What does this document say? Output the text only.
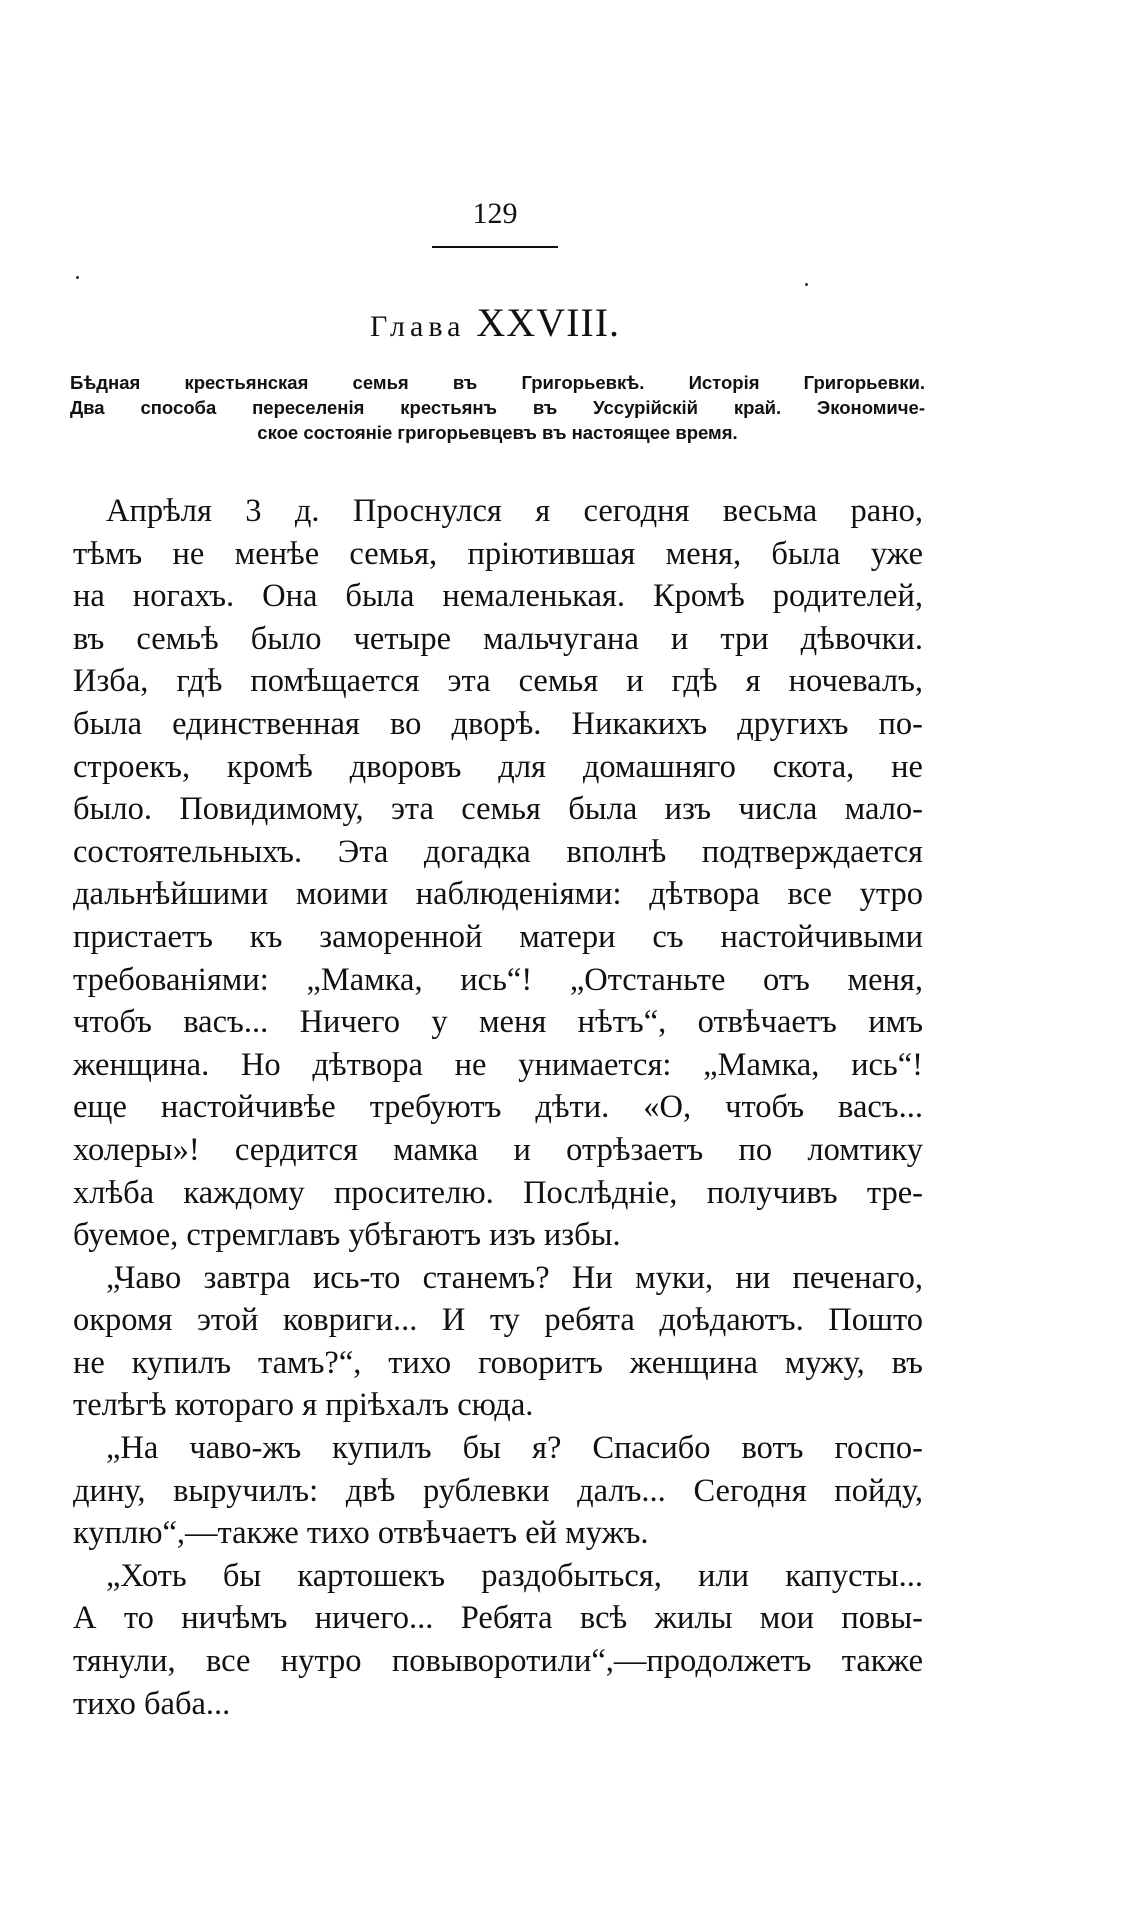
129
Глава XXVIII.
Бѣдная крестьянская семья въ Григорьевкѣ. Исторія Григорьевки.
Два способа переселенія крестьянъ въ Уссурійскій край. Экономиче-
ское состояніе григорьевцевъ въ настоящее время.
Апрѣля 3 д. Проснулся я сегодня весьма рано,
тѣмъ не менѣе семья, пріютившая меня, была уже
на ногахъ. Она была немаленькая. Кромѣ родителей,
въ семьѣ было четыре мальчугана и три дѣвочки.
Изба, гдѣ помѣщается эта семья и гдѣ я ночевалъ,
была единственная во дворѣ. Никакихъ другихъ по-
строекъ, кромѣ дворовъ для домашняго скота, не
было. Повидимому, эта семья была изъ числа мало-
состоятельныхъ. Эта догадка вполнѣ подтверждается
дальнѣйшими моими наблюденіями: дѣтвора все утро
пристаетъ къ заморенной матери съ настойчивыми
требованіями: „Мамка, ись“! „Отстаньте отъ меня,
чтобъ васъ... Ничего у меня нѣтъ“, отвѣчаетъ имъ
женщина. Но дѣтвора не унимается: „Мамка, ись“!
еще настойчивѣе требуютъ дѣти. «О, чтобъ васъ...
холеры»! сердится мамка и отрѣзаетъ по ломтику
хлѣба каждому просителю. Послѣдніе, получивъ тре-
буемое, стремглавъ убѣгаютъ изъ избы.
„Чаво завтра ись-то станемъ? Ни муки, ни печенаго,
окромя этой ковриги... И ту ребята доѣдаютъ. Пошто
не купилъ тамъ?“, тихо говоритъ женщина мужу, въ
телѣгѣ котораго я пріѣхалъ сюда.
„На чаво-жъ купилъ бы я? Спасибо вотъ госпо-
дину, выручилъ: двѣ рублевки далъ... Сегодня пойду,
куплю“,—также тихо отвѣчаетъ ей мужъ.
„Хоть бы картошекъ раздобыться, или капусты...
А то ничѣмъ ничего... Ребята всѣ жилы мои повы-
тянули, все нутро повыворотили“,—продолжетъ также
тихо баба...
